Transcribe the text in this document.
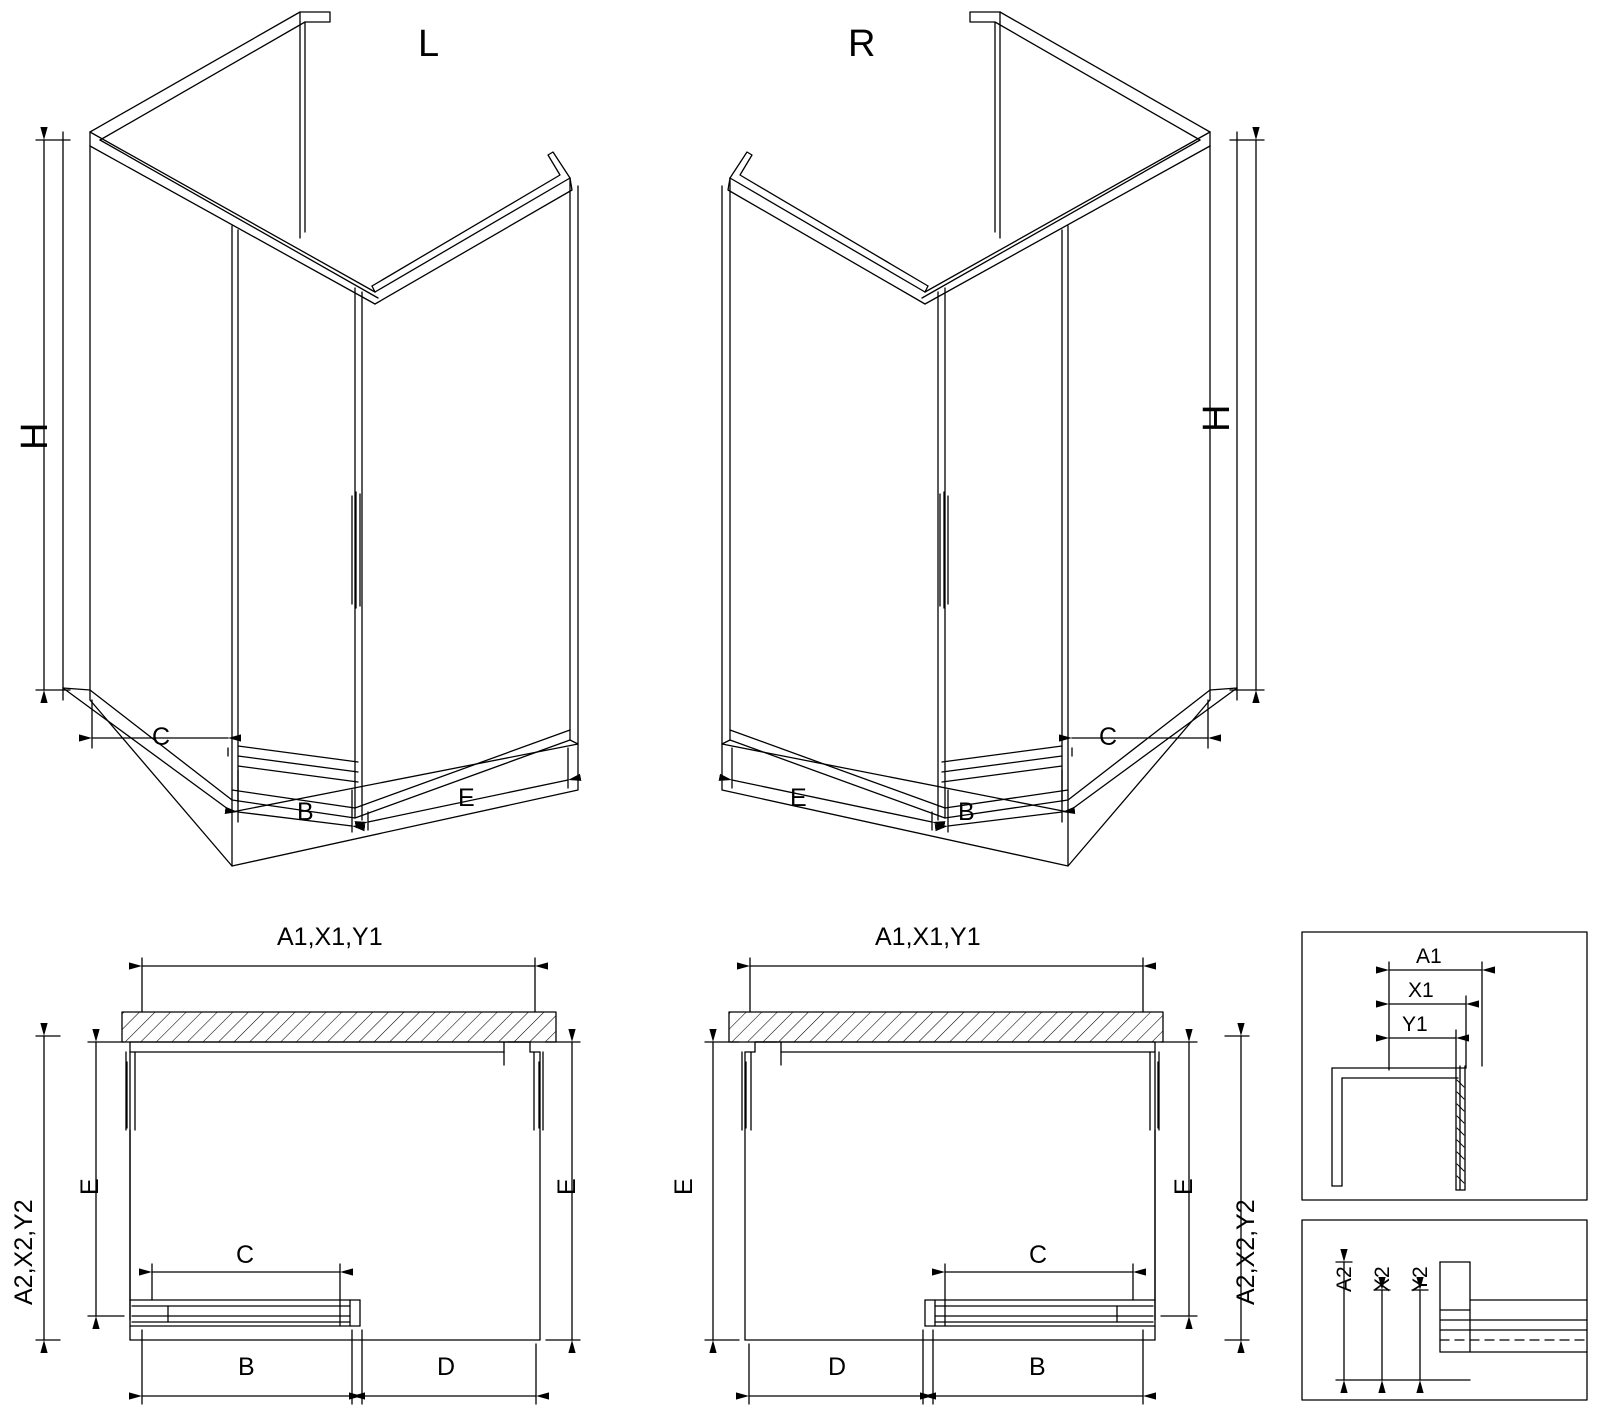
L	R
H
H
C
B	E
C
B
E
A1,X1,Y1	A1,X1,Y1
A2,X2,Y2	A2,X2,Y2
E	E
C
B	D
E	E
C
B
D
A1
X1
Y1
A2 X2 Y2
